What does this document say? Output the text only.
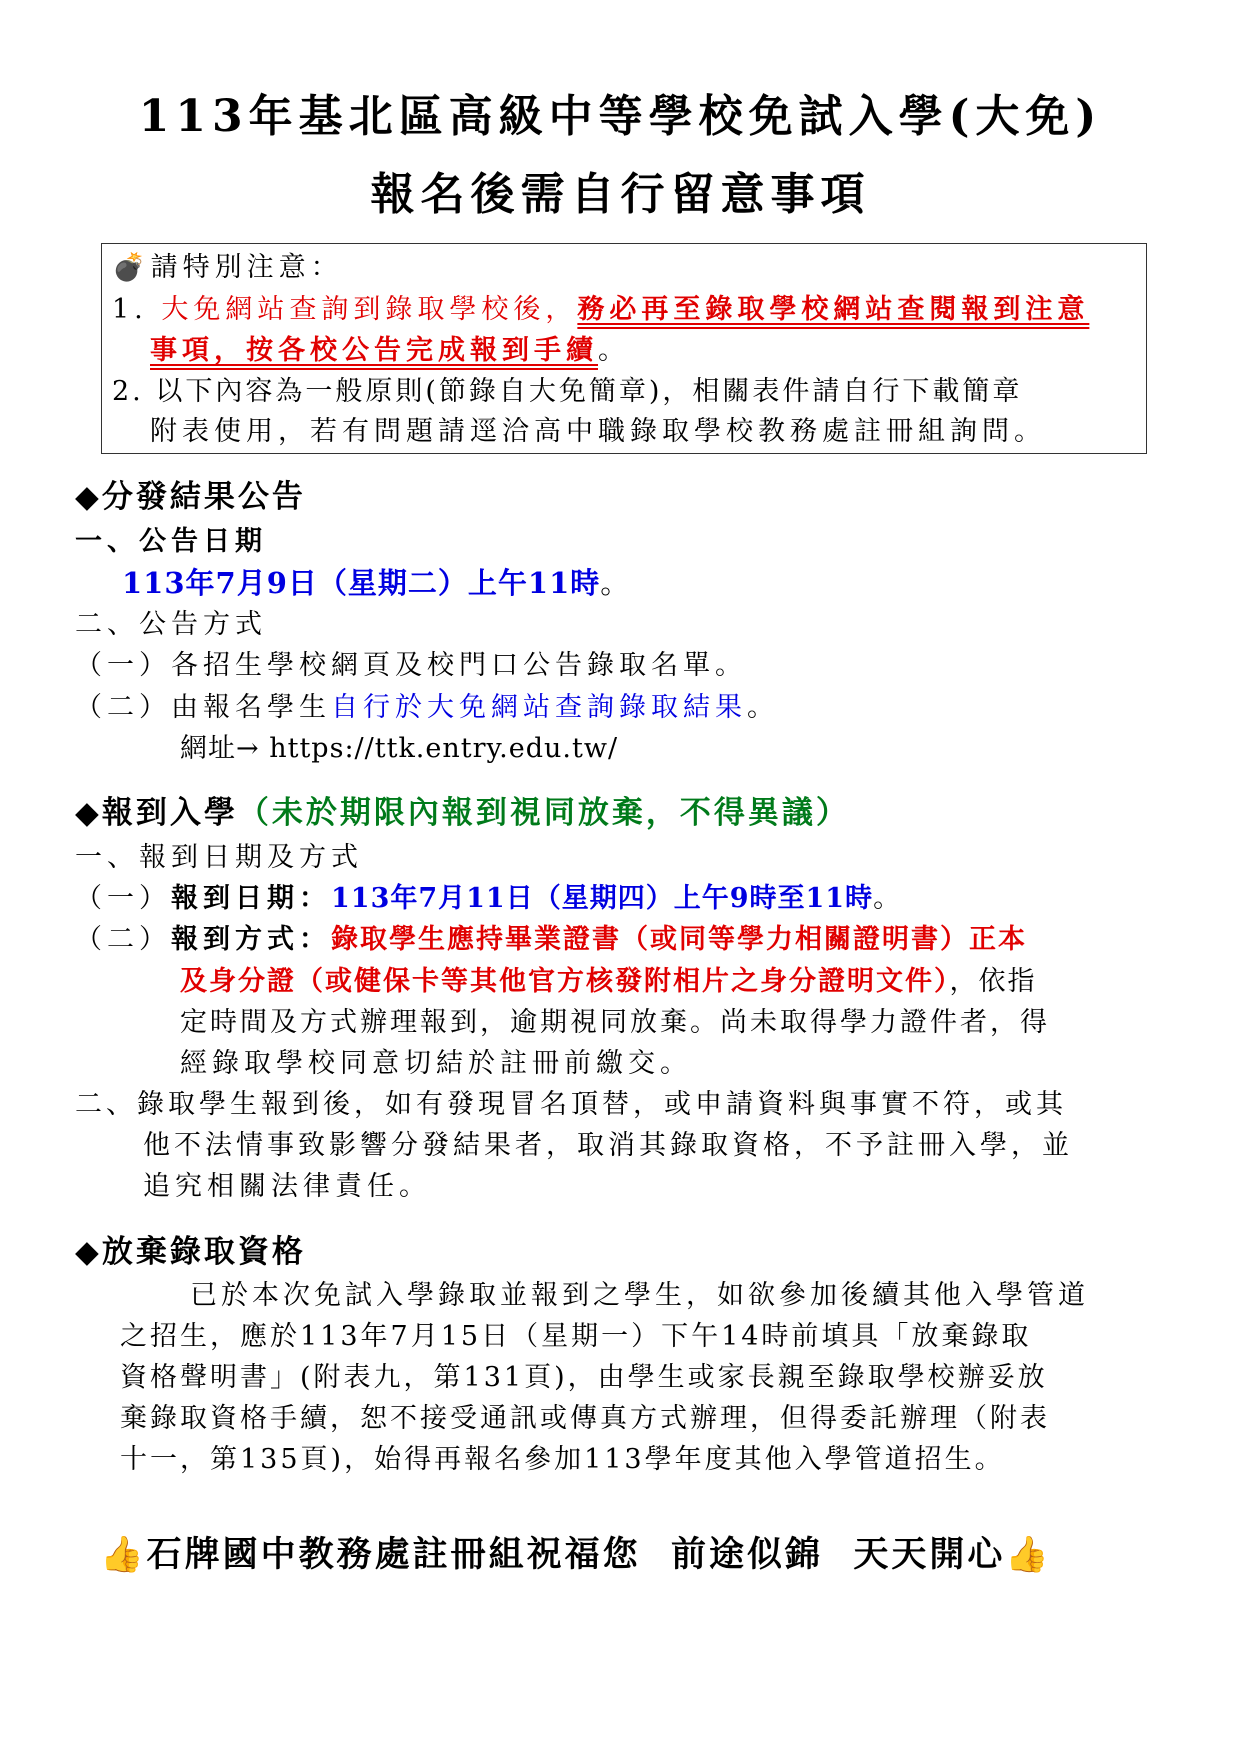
113年基北區高級中等學校免試入學(大免)
報名後需自行留意事項
💣請特別注意：
1. 大免網站查詢到錄取學校後，務必再至錄取學校網站查閱報到注意
事項，按各校公告完成報到手續。
2. 以下內容為一般原則(節錄自大免簡章)，相關表件請自行下載簡章
附表使用，若有問題請逕洽高中職錄取學校教務處註冊組詢問。
◆分發結果公告
一、公告日期
113年7月9日（星期二）上午11時。
二、公告方式
（一）各招生學校網頁及校門口公告錄取名單。
（二）由報名學生自行於大免網站查詢錄取結果。
網址→ https://ttk.entry.edu.tw/
◆報到入學（未於期限內報到視同放棄，不得異議）
一、報到日期及方式
（一）報到日期：113年7月11日（星期四）上午9時至11時。
（二）報到方式：錄取學生應持畢業證書（或同等學力相關證明書）正本
及身分證（或健保卡等其他官方核發附相片之身分證明文件），依指
定時間及方式辦理報到，逾期視同放棄。尚未取得學力證件者，得
經錄取學校同意切結於註冊前繳交。
二、錄取學生報到後，如有發現冒名頂替，或申請資料與事實不符，或其
他不法情事致影響分發結果者，取消其錄取資格，不予註冊入學，並
追究相關法律責任。
◆放棄錄取資格
已於本次免試入學錄取並報到之學生，如欲參加後續其他入學管道
之招生，應於113年7月15日（星期一）下午14時前填具「放棄錄取
資格聲明書」(附表九，第131頁)，由學生或家長親至錄取學校辦妥放
棄錄取資格手續，恕不接受通訊或傳真方式辦理，但得委託辦理（附表
十一，第135頁)，始得再報名參加113學年度其他入學管道招生。
👍石牌國中教務處註冊組祝福您  前途似錦  天天開心👍
